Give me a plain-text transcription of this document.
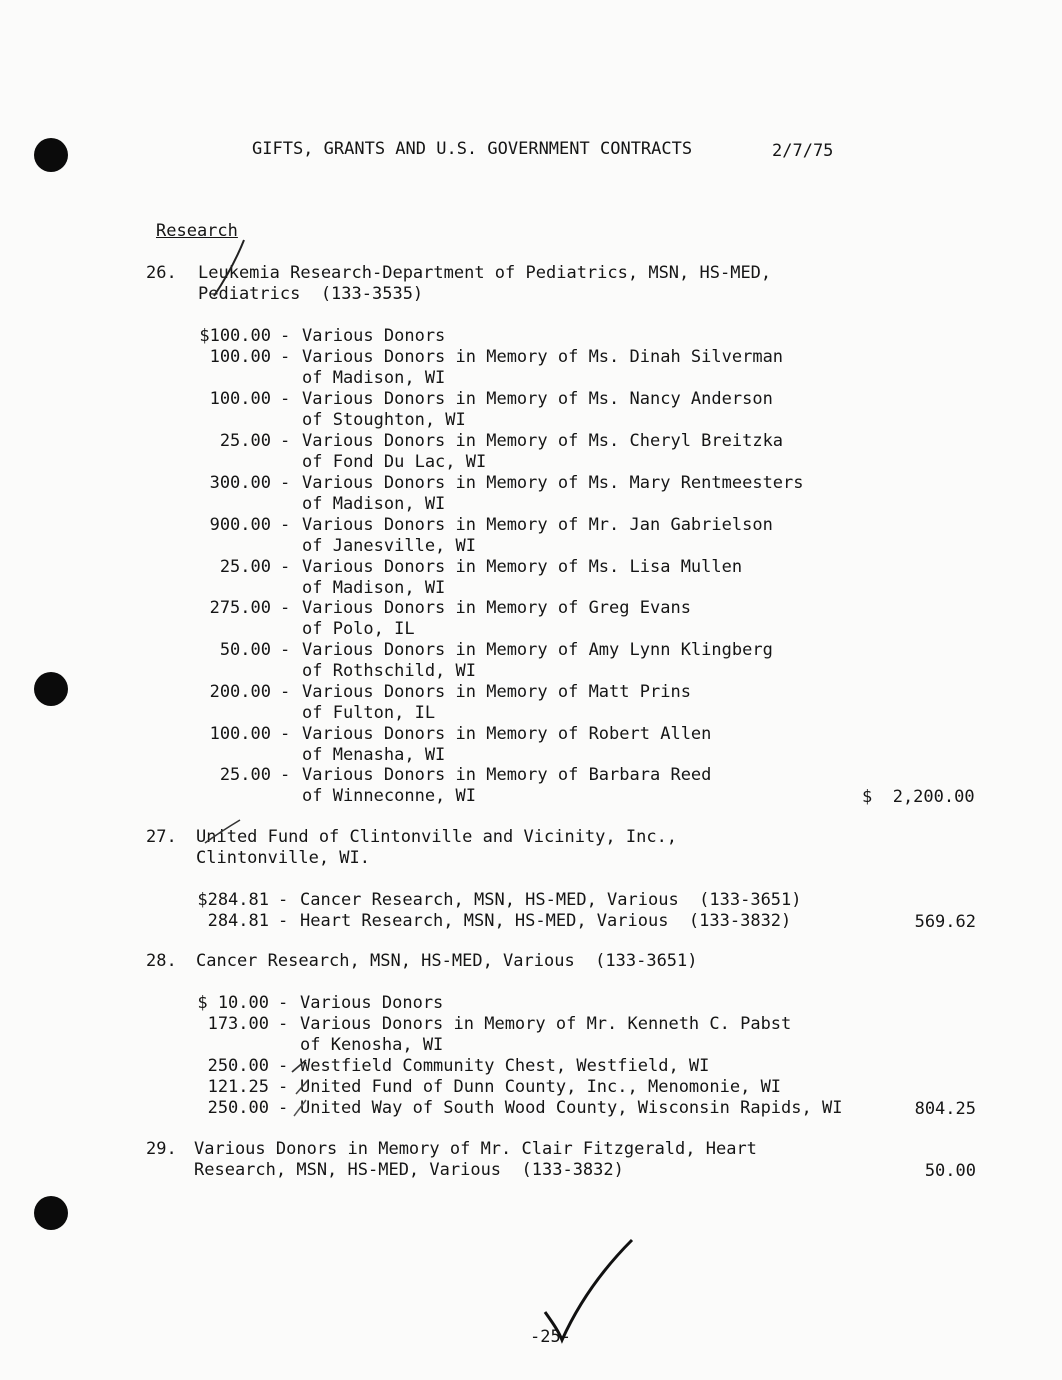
GIFTS, GRANTS AND U.S. GOVERNMENT CONTRACTS	2/7/75
Research
26. Leukemia Research-Department of Pediatrics, MSN, HS-MED,
Pediatrics  (133-3535)
$100.00 - Various Donors
100.00 - Various Donors in Memory of Ms. Dinah Silverman
of Madison, WI
100.00 - Various Donors in Memory of Ms. Nancy Anderson
of Stoughton, WI
25.00 - Various Donors in Memory of Ms. Cheryl Breitzka
of Fond Du Lac, WI
300.00 - Various Donors in Memory of Ms. Mary Rentmeesters
of Madison, WI
900.00 - Various Donors in Memory of Mr. Jan Gabrielson
of Janesville, WI
25.00 - Various Donors in Memory of Ms. Lisa Mullen
of Madison, WI
275.00 - Various Donors in Memory of Greg Evans
of Polo, IL
50.00 - Various Donors in Memory of Amy Lynn Klingberg
of Rothschild, WI
200.00 - Various Donors in Memory of Matt Prins
of Fulton, IL
100.00 - Various Donors in Memory of Robert Allen
of Menasha, WI
25.00 - Various Donors in Memory of Barbara Reed
of Winneconne, WI	$  2,200.00
27. United Fund of Clintonville and Vicinity, Inc.,
Clintonville, WI.
$284.81 - Cancer Research, MSN, HS-MED, Various  (133-3651)
284.81 - Heart Research, MSN, HS-MED, Various  (133-3832)	569.62
28. Cancer Research, MSN, HS-MED, Various  (133-3651)
$ 10.00 - Various Donors
173.00 - Various Donors in Memory of Mr. Kenneth C. Pabst
of Kenosha, WI
250.00 - Westfield Community Chest, Westfield, WI
121.25 - United Fund of Dunn County, Inc., Menomonie, WI
250.00 - United Way of South Wood County, Wisconsin Rapids, WI	804.25
29. Various Donors in Memory of Mr. Clair Fitzgerald, Heart
Research, MSN, HS-MED, Various  (133-3832)	50.00
-25-
